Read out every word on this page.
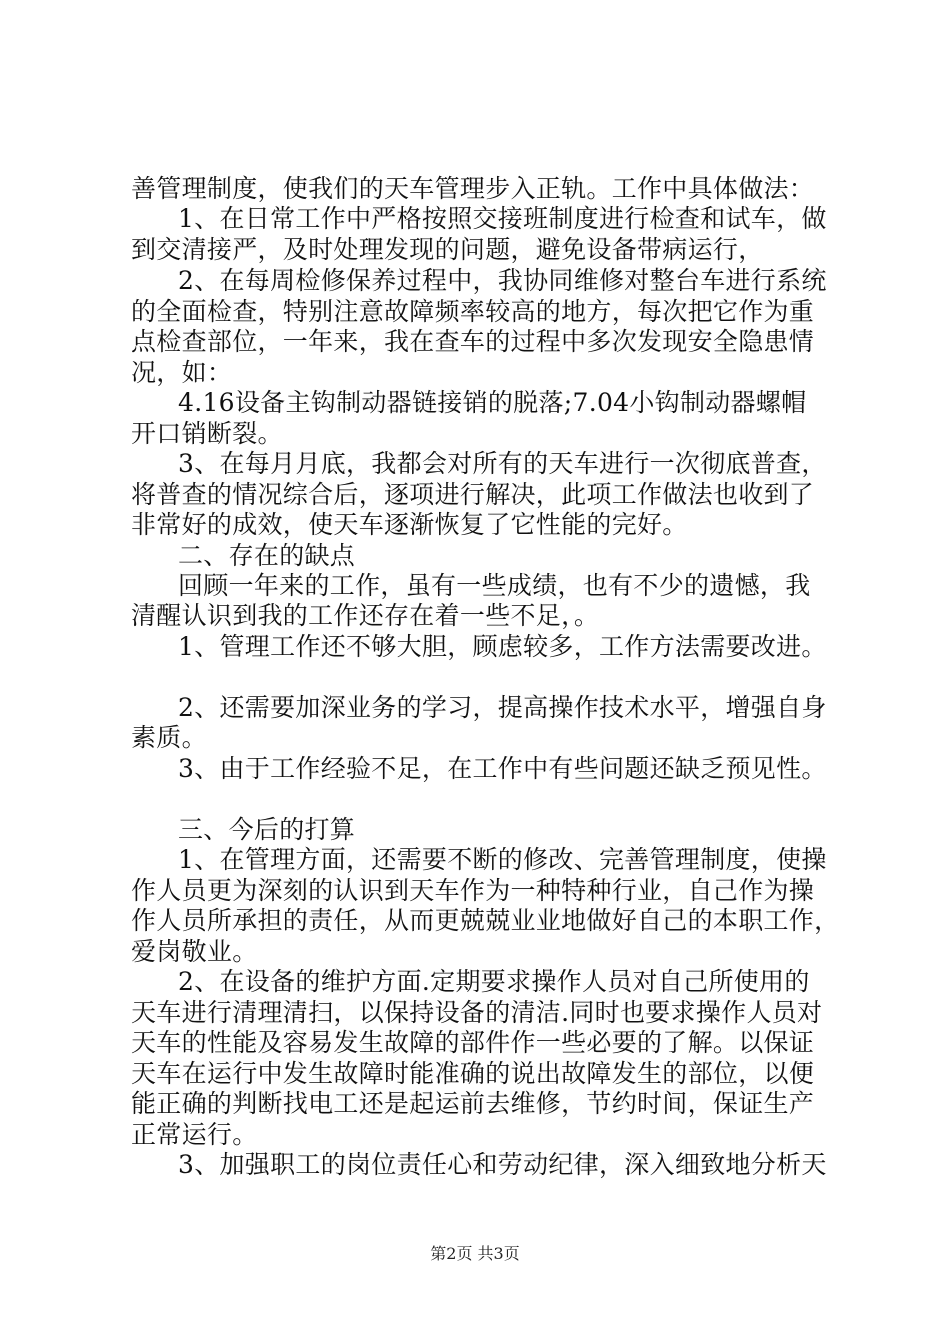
善管理制度，使我们的天车管理步入正轨。工作中具体做法：
1、在日常工作中严格按照交接班制度进行检查和试车，做
到交清接严，及时处理发现的问题，避免设备带病运行，
2、在每周检修保养过程中，我协同维修对整台车进行系统
的全面检查，特别注意故障频率较高的地方，每次把它作为重
点检查部位，一年来，我在查车的过程中多次发现安全隐患情
况，如：
4.16设备主钩制动器链接销的脱落;7.04小钩制动器螺帽
开口销断裂。
3、在每月月底，我都会对所有的天车进行一次彻底普查，
将普查的情况综合后，逐项进行解决，此项工作做法也收到了
非常好的成效，使天车逐渐恢复了它性能的完好。
二、存在的缺点
回顾一年来的工作，虽有一些成绩，也有不少的遗憾，我
清醒认识到我的工作还存在着一些不足，。
1、管理工作还不够大胆，顾虑较多，工作方法需要改进。
2、还需要加深业务的学习，提高操作技术水平，增强自身
素质。
3、由于工作经验不足，在工作中有些问题还缺乏预见性。
三、今后的打算
1、在管理方面，还需要不断的修改、完善管理制度，使操
作人员更为深刻的认识到天车作为一种特种行业，自己作为操
作人员所承担的责任，从而更兢兢业业地做好自己的本职工作，
爱岗敬业。
2、在设备的维护方面.定期要求操作人员对自己所使用的
天车进行清理清扫，以保持设备的清洁.同时也要求操作人员对
天车的性能及容易发生故障的部件作一些必要的了解。以保证
天车在运行中发生故障时能准确的说出故障发生的部位，以便
能正确的判断找电工还是起运前去维修，节约时间，保证生产
正常运行。
3、加强职工的岗位责任心和劳动纪律，深入细致地分析天
第2页 共3页
